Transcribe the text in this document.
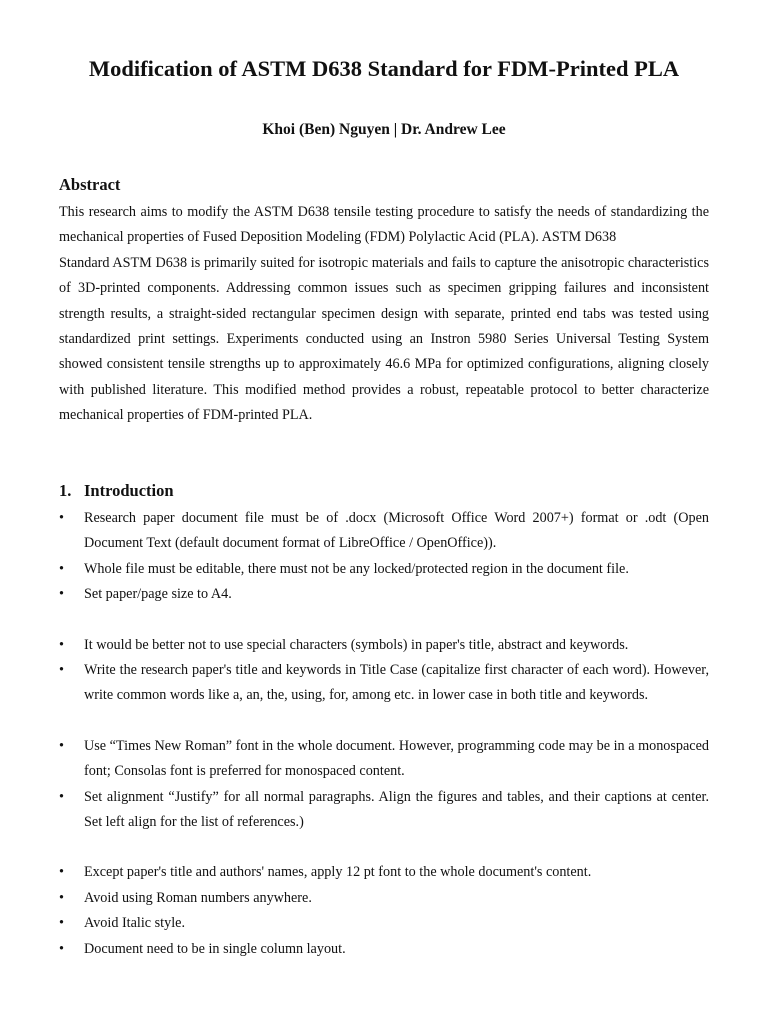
Modification of ASTM D638 Standard for FDM-Printed PLA
Khoi (Ben) Nguyen | Dr. Andrew Lee
Abstract

This research aims to modify the ASTM D638 tensile testing procedure to satisfy the needs of standardizing the mechanical properties of Fused Deposition Modeling (FDM) Polylactic Acid (PLA). ASTM D638

Standard ASTM D638 is primarily suited for isotropic materials and fails to capture the anisotropic characteristics of 3D-printed components. Addressing common issues such as specimen gripping failures and inconsistent strength results, a straight-sided rectangular specimen design with separate, printed end tabs was tested using standardized print settings. Experiments conducted using an Instron 5980 Series Universal Testing System showed consistent tensile strengths up to approximately 46.6 MPa for optimized configurations, aligning closely with published literature. This modified method provides a robust, repeatable protocol to better characterize mechanical properties of FDM-printed PLA.

1. Introduction
• Research paper document file must be of .docx (Microsoft Office Word 2007+) format or .odt (Open Document Text (default document format of LibreOffice / OpenOffice)).
• Whole file must be editable, there must not be any locked/protected region in the document file.
• Set paper/page size to A4.
• It would be better not to use special characters (symbols) in paper's title, abstract and keywords.
• Write the research paper's title and keywords in Title Case (capitalize first character of each word). However, write common words like a, an, the, using, for, among etc. in lower case in both title and keywords.
• Use “Times New Roman” font in the whole document. However, programming code may be in a monospaced font; Consolas font is preferred for monospaced content.
• Set alignment “Justify” for all normal paragraphs. Align the figures and tables, and their captions at center. Set left align for the list of references.)
• Except paper's title and authors' names, apply 12 pt font to the whole document's content.
• Avoid using Roman numbers anywhere.
• Avoid Italic style.
• Document need to be in single column layout.
